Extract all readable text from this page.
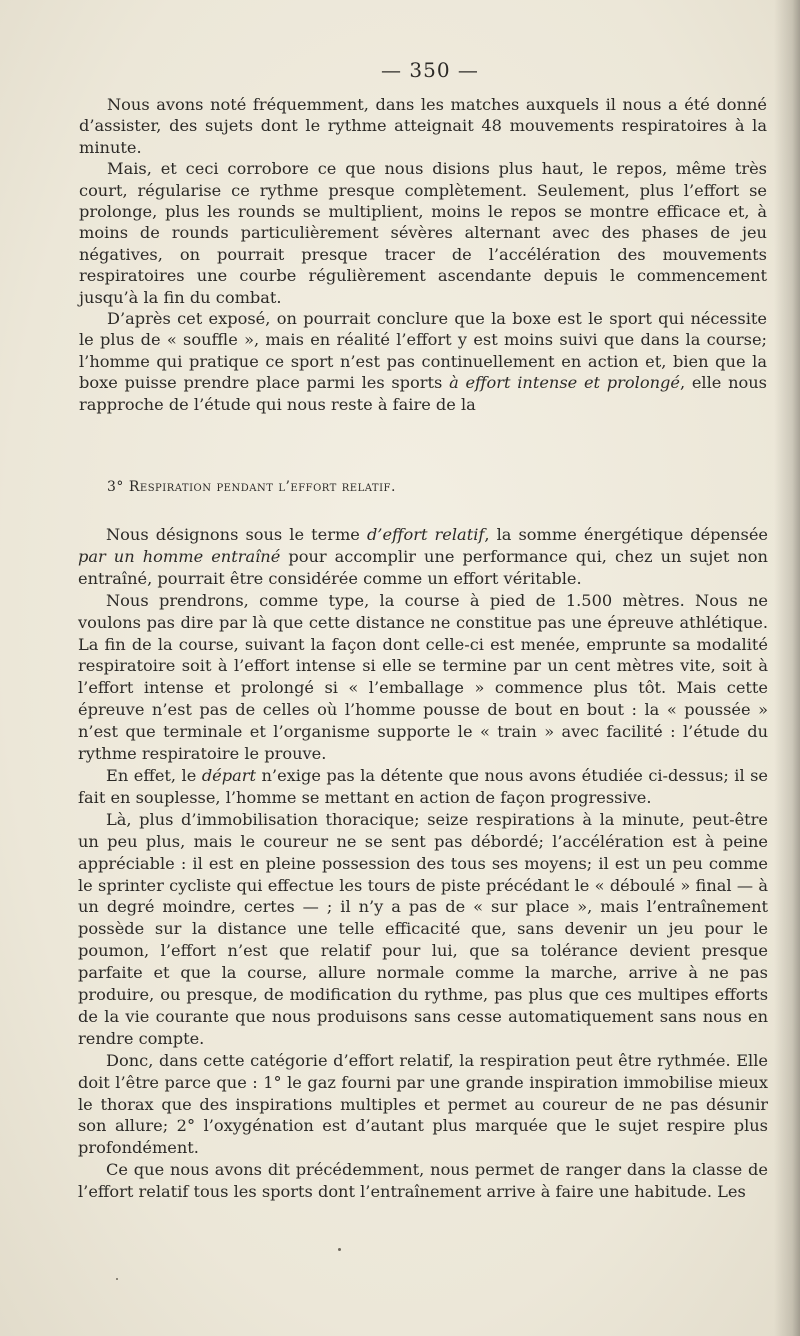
— 350 —

Nous avons noté fréquemment, dans les matches auxquels il nous a été donné d’assister, des sujets dont le rythme atteignait 48 mouvements respiratoires à la minute.

Mais, et ceci corrobore ce que nous disions plus haut, le repos, même très court, régularise ce rythme presque complètement. Seulement, plus l’effort se prolonge, plus les rounds se multiplient, moins le repos se montre efficace et, à moins de rounds particulièrement sévères alternant avec des phases de jeu négatives, on pourrait presque tracer de l’accélération des mouvements respiratoires une courbe régulièrement ascendante depuis le commencement jusqu’à la fin du combat.

D’après cet exposé, on pourrait conclure que la boxe est le sport qui nécessite le plus de « souffle », mais en réalité l’effort y est moins suivi que dans la course; l’homme qui pratique ce sport n’est pas continuellement en action et, bien que la boxe puisse prendre place parmi les sports à effort intense et prolongé, elle nous rapproche de l’étude qui nous reste à faire de la

3° Respiration pendant l’effort relatif.

Nous désignons sous le terme d’effort relatif, la somme énergétique dépensée par un homme entraîné pour accomplir une performance qui, chez un sujet non entraîné, pourrait être considérée comme un effort véritable.

Nous prendrons, comme type, la course à pied de 1.500 mètres. Nous ne voulons pas dire par là que cette distance ne constitue pas une épreuve athlétique. La fin de la course, suivant la façon dont celle-ci est menée, emprunte sa modalité respiratoire soit à l’effort intense si elle se termine par un cent mètres vite, soit à l’effort intense et prolongé si « l’emballage » commence plus tôt. Mais cette épreuve n’est pas de celles où l’homme pousse de bout en bout : la « poussée » n’est que terminale et l’organisme supporte le « train » avec facilité : l’étude du rythme respiratoire le prouve.

En effet, le départ n’exige pas la détente que nous avons étudiée ci-dessus; il se fait en souplesse, l’homme se mettant en action de façon progressive.

Là, plus d’immobilisation thoracique; seize respirations à la minute, peut-être un peu plus, mais le coureur ne se sent pas débordé; l’accélération est à peine appréciable : il est en pleine possession des tous ses moyens; il est un peu comme le sprinter cycliste qui effectue les tours de piste précédant le « déboulé » final — à un degré moindre, certes — ; il n’y a pas de « sur place », mais l’entraînement possède sur la distance une telle efficacité que, sans devenir un jeu pour le poumon, l’effort n’est que relatif pour lui, que sa tolérance devient presque parfaite et que la course, allure normale comme la marche, arrive à ne pas produire, ou presque, de modification du rythme, pas plus que ces multipes efforts de la vie courante que nous produisons sans cesse automatiquement sans nous en rendre compte.

Donc, dans cette catégorie d’effort relatif, la respiration peut être rythmée. Elle doit l’être parce que : 1° le gaz fourni par une grande inspiration immobilise mieux le thorax que des inspirations multiples et permet au coureur de ne pas désunir son allure; 2° l’oxygénation est d’autant plus marquée que le sujet respire plus profondément.

Ce que nous avons dit précédemment, nous permet de ranger dans la classe de l’effort relatif tous les sports dont l’entraînement arrive à faire une habitude. Les
